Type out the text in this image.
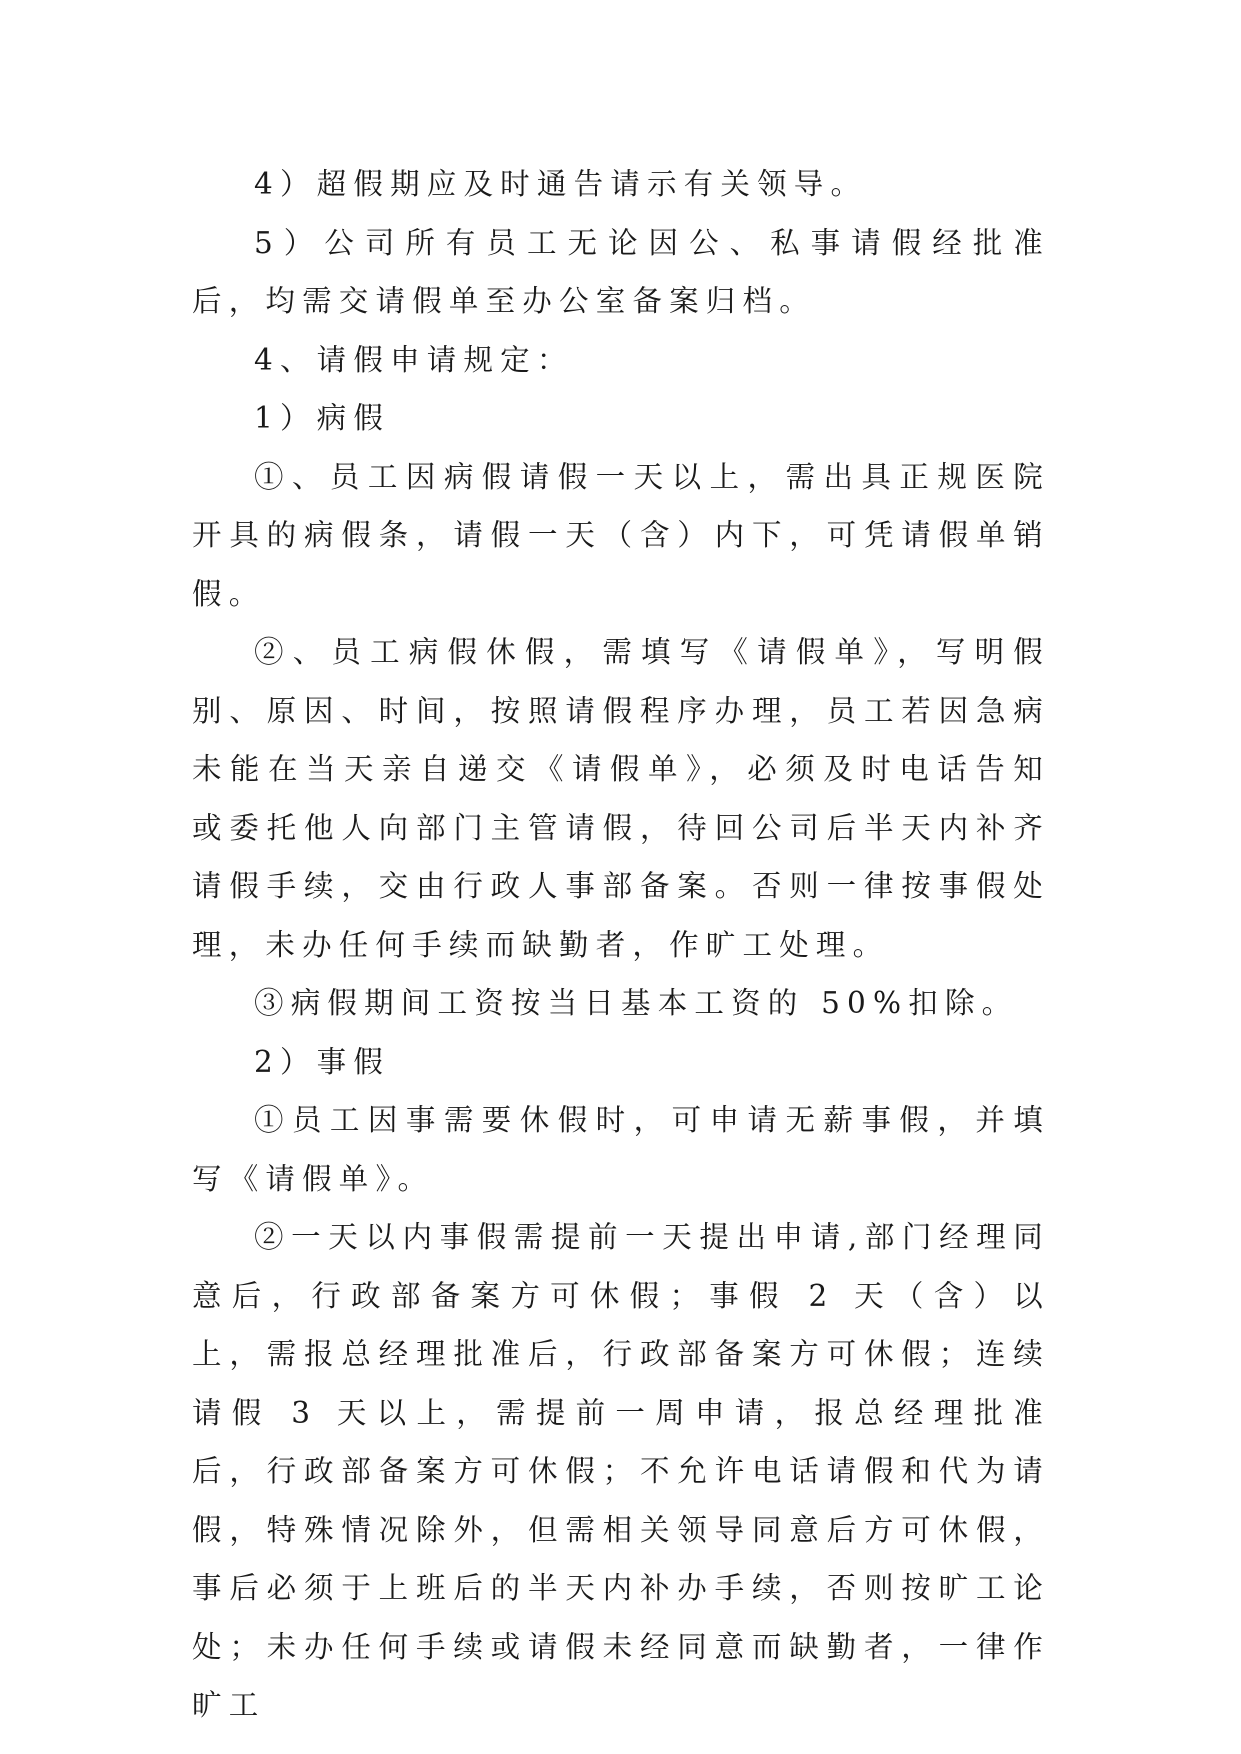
4）超假期应及时通告请示有关领导。

5）公司所有员工无论因公、私事请假经批准后，均需交请假单至办公室备案归档。

4、请假申请规定：

1）病假

①、员工因病假请假一天以上，需出具正规医院开具的病假条，请假一天（含）内下，可凭请假单销假。

②、员工病假休假，需填写《请假单》，写明假别、原因、时间，按照请假程序办理，员工若因急病未能在当天亲自递交《请假单》，必须及时电话告知或委托他人向部门主管请假，待回公司后半天内补齐请假手续，交由行政人事部备案。否则一律按事假处理，未办任何手续而缺勤者，作旷工处理。

③病假期间工资按当日基本工资的 50%扣除。

2）事假

①员工因事需要休假时，可申请无薪事假，并填写《请假单》。

②一天以内事假需提前一天提出申请,部门经理同意后，行政部备案方可休假；事假 2 天（含）以上，需报总经理批准后，行政部备案方可休假；连续请假 3 天以上，需提前一周申请，报总经理批准后，行政部备案方可休假；不允许电话请假和代为请假，特殊情况除外，但需相关领导同意后方可休假，事后必须于上班后的半天内补办手续，否则按旷工论处；未办任何手续或请假未经同意而缺勤者，一律作旷工
